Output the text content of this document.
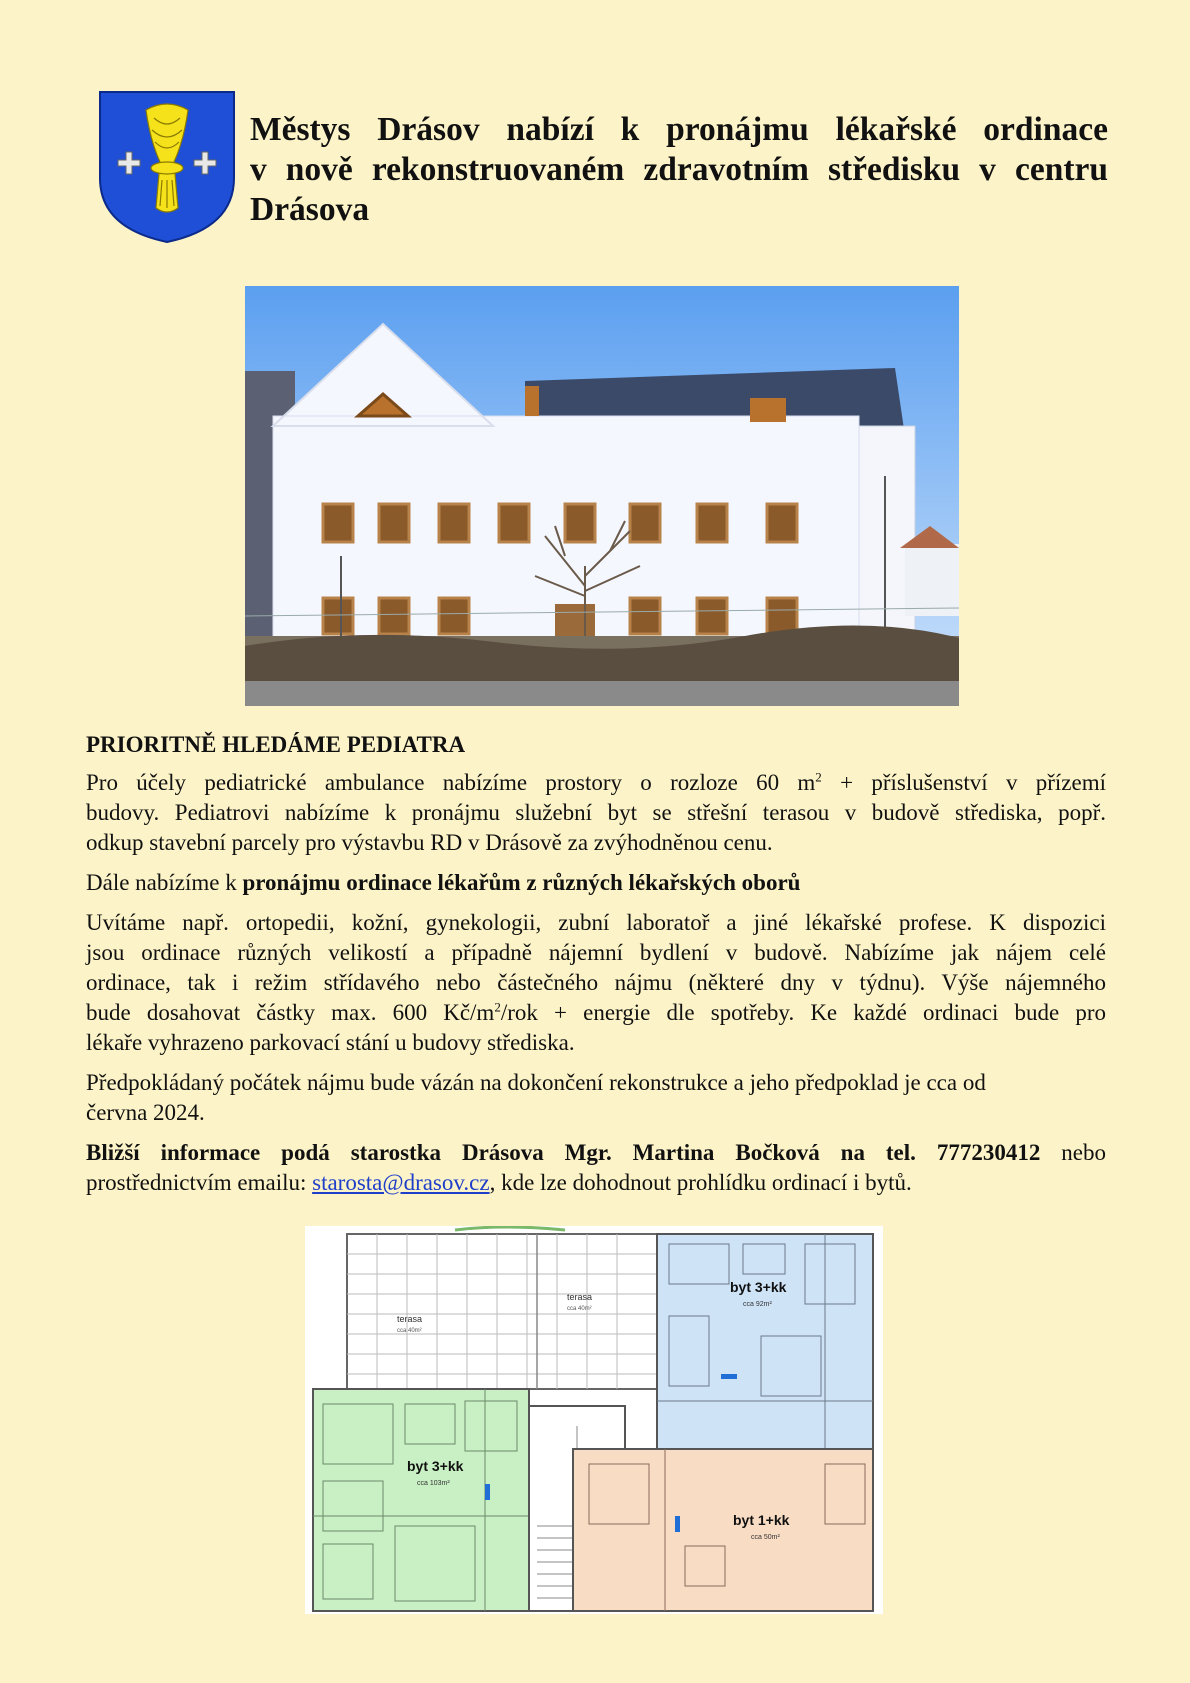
Městys Drásov nabízí k pronájmu lékařské ordinace
v nově rekonstruovaném zdravotním středisku v centru
Drásova
PRIORITNĚ HLEDÁME PEDIATRA
Pro účely pediatrické ambulance nabízíme prostory o rozloze 60 $m^2$ + příslušenství v přízemí
budovy. Pediatrovi nabízíme k pronájmu služební byt se střešní terasou v budově střediska, popř.
odkup stavební parcely pro výstavbu RD v Drásově za zvýhodněnou cenu.
Dále nabízíme k pronájmu ordinace lékařům z různých lékařských oborů
Uvítáme např. ortopedii, kožní, gynekologii, zubní laboratoř a jiné lékařské profese. K dispozici
jsou ordinace různých velikostí a případně nájemní bydlení v budově. Nabízíme jak nájem celé
ordinace, tak i režim střídavého nebo částečného nájmu (některé dny v týdnu). Výše nájemného
bude dosahovat částky max. 600 $Kč/m^2$/rok + energie dle spotřeby. Ke každé ordinaci bude pro
lékaře vyhrazeno parkovací stání u budovy střediska.
Předpokládaný počátek nájmu bude vázán na dokončení rekonstrukce a jeho předpoklad je cca od
června 2024.
Bližší informace podá starostka Drásova Mgr. Martina Bočková na tel. 777230412 nebo
prostřednictvím emailu: starosta@drasov.cz, kde lze dohodnout prohlídku ordinací i bytů.
terasa
cca 40m²
terasa
cca 40m²
byt 3+kk
cca 92m²
byt 3+kk
cca 103m²
byt 1+kk
cca 50m²
